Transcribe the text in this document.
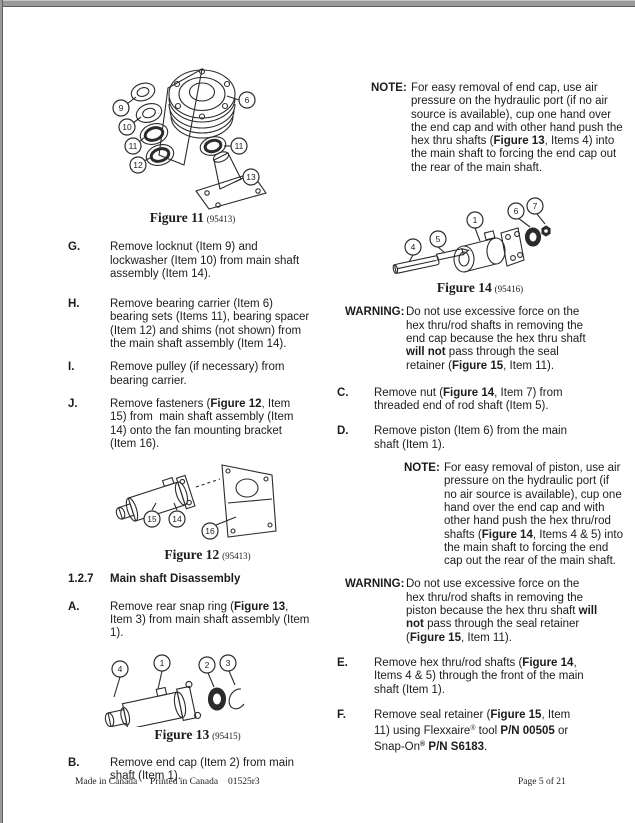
9
10
11
12
6
11
13
Figure 11 (95413)
G.	Remove locknut (Item 9) and lockwasher (Item 10) from main shaft assembly (Item 14).
H.	Remove bearing carrier (Item 6) bearing sets (Items 11), bearing spacer (Item 12) and shims (not shown) from the main shaft assembly (Item 14).
I.	Remove pulley (if necessary) from bearing carrier.
J.	Remove fasteners (Figure 12, Item 15) from  main shaft assembly (Item 14) onto the fan mounting bracket (Item 16).
15 14
16
Figure 12 (95413)
1.2.7	Main shaft Disassembly
A.	Remove rear snap ring (Figure 13, Item 3) from main shaft assembly (Item 1).
4
1	2 3
Figure 13 (95415)
B.	Remove end cap (Item 2) from main shaft (Item 1).
NOTE: For easy removal of end cap, use air pressure on the hydraulic port (if no air source is available), cup one hand over the end cap and with other hand push the hex thru shafts (Figure 13, Items 4) into the main shaft to forcing the end cap out the rear of the main shaft.
4
5
1
6 7
Figure 14 (95416)
WARNING: Do not use excessive force on the hex thru/rod shafts in removing the end cap because the hex thru shaft will not pass through the seal retainer (Figure 15, Item 11).
C.	Remove nut (Figure 14, Item 7) from threaded end of rod shaft (Item 5).
D.	Remove piston (Item 6) from the main shaft (Item 1).
NOTE: For easy removal of piston, use air pressure on the hydraulic port (if no air source is available), cup one hand over the end cap and with other hand push the hex thru/rod shafts (Figure 14, Items 4 & 5) into the main shaft to forcing the end cap out the rear of the main shaft.
WARNING: Do not use excessive force on the hex thru/rod shafts in removing the piston because the hex thru shaft will not pass through the seal retainer (Figure 15, Item 11).
E.	Remove hex thru/rod shafts (Figure 14, Items 4 & 5) through the front of the main shaft (Item 1).
F.	Remove seal retainer (Figure 15, Item 11) using Flexxaire® tool P/N 00505 or Snap-On® P/N S6183.
Made in Canada Printed in Canada 01525r3	Page 5 of 21
